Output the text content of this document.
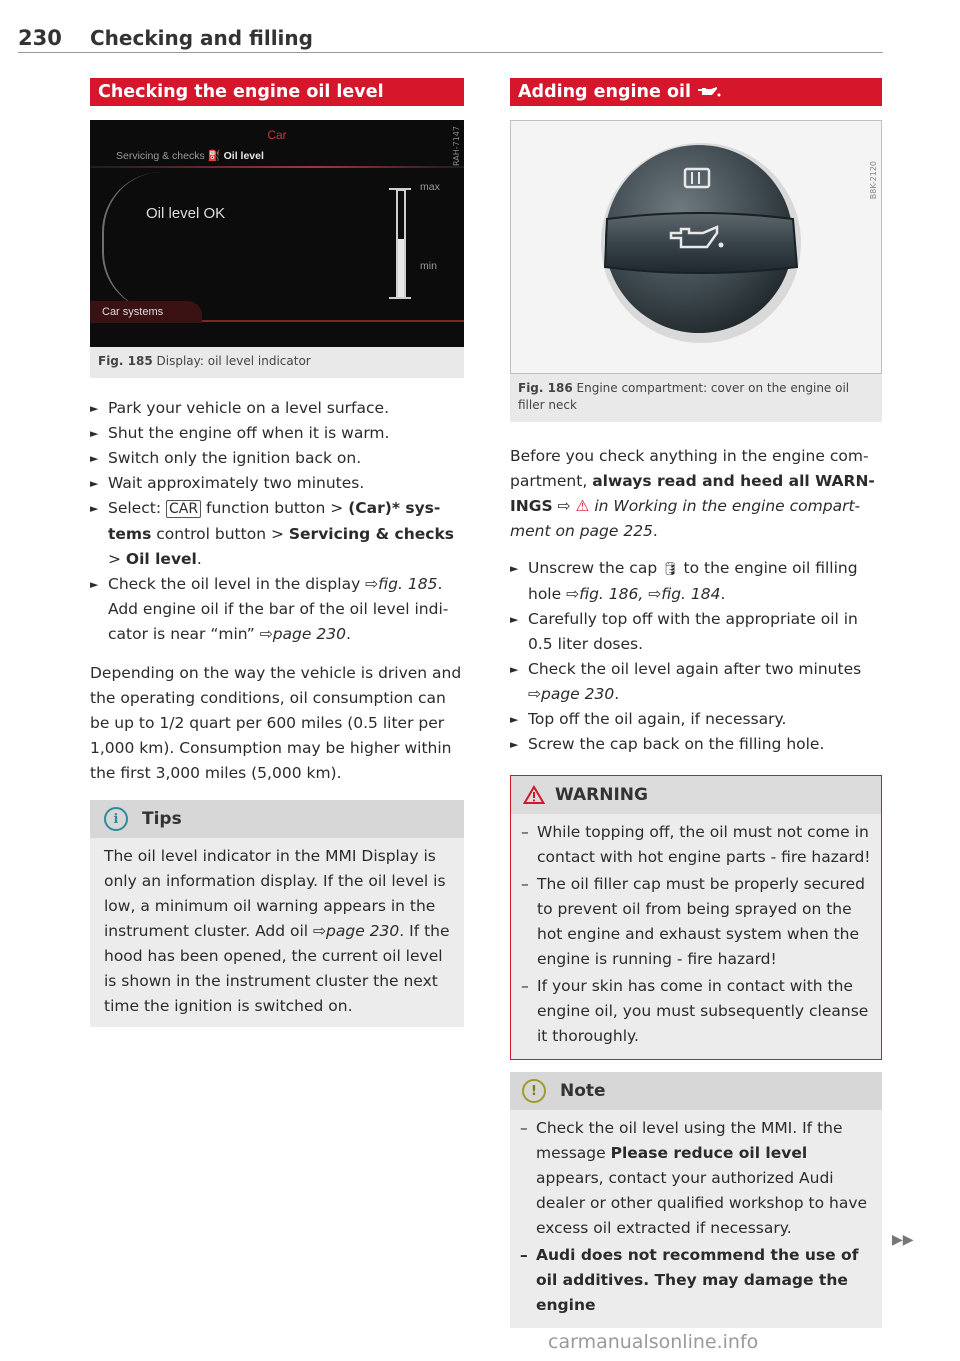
230 Checking and filling
Checking the engine oil level
Car
Servicing & checks ⛽ Oil level
Oil level OK
max
min
Car systems
RAH-7147
Fig. 185 Display: oil level indicator
► Park your vehicle on a level surface.
► Shut the engine off when it is warm.
► Switch only the ignition back on.
► Wait approximately two minutes.
► Select: CAR function button > (Car)* systems control button > Servicing & checks > Oil level.
► Check the oil level in the display ⇨fig. 185. Add engine oil if the bar of the oil level indicator is near “min” ⇨page 230.

Depending on the way the vehicle is driven and the operating conditions, oil consumption can be up to 1/2 quart per 600 miles (0.5 liter per 1,000 km). Consumption may be higher within the first 3,000 miles (5,000 km).

i	Tips
The oil level indicator in the MMI Display is only an information display. If the oil level is low, a minimum oil warning appears in the instrument cluster. Add oil ⇨page 230. If the hood has been opened, the current oil level is shown in the instrument cluster the next time the ignition is switched on.
Adding engine oil
B8K-2120
Fig. 186 Engine compartment: cover on the engine oil filler neck

Before you check anything in the engine compartment, always read and heed all WARNINGS ⇨ ⚠ in Working in the engine compartment on page 225.

► Unscrew the cap 🛢 to the engine oil filling hole ⇨fig. 186, ⇨fig. 184.
► Carefully top off with the appropriate oil in 0.5 liter doses.
► Check the oil level again after two minutes ⇨page 230.
► Top off the oil again, if necessary.
► Screw the cap back on the filling hole.
WARNING
– While topping off, the oil must not come in contact with hot engine parts - fire hazard!
– The oil filler cap must be properly secured to prevent oil from being sprayed on the hot engine and exhaust system when the engine is running - fire hazard!
– If your skin has come in contact with the engine oil, you must subsequently cleanse it thoroughly.
!	Note
– Check the oil level using the MMI. If the message Please reduce oil level appears, contact your authorized Audi dealer or other qualified workshop to have excess oil extracted if necessary.
– Audi does not recommend the use of oil additives. They may damage the engine
▶▶
carmanualsonline.info
